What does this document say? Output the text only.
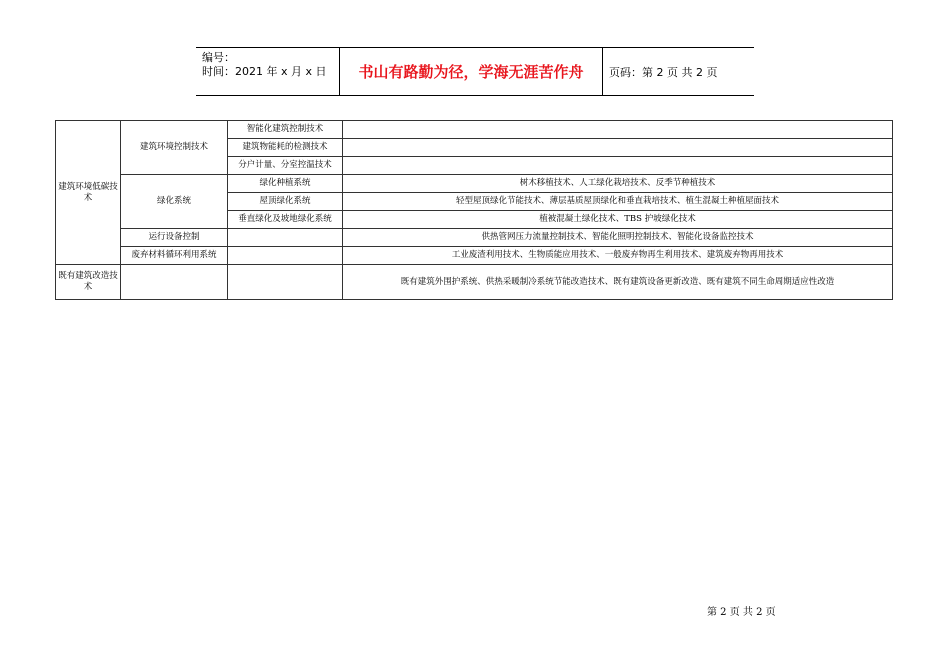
编号：
时间：2021 年 x 月 x 日	书山有路勤为径，学海无涯苦作舟	页码：第 2 页 共 2 页
建筑环境低碳技术	建筑环境控制技术	智能化建筑控制技术	
		建筑物能耗的检测技术	
		分户计量、分室控温技术	
	绿化系统	绿化种植系统	树木移植技术、人工绿化栽培技术、反季节种植技术
		屋顶绿化系统	轻型屋顶绿化节能技术、薄层基质屋顶绿化和垂直栽培技术、植生混凝土种植屋面技术
		垂直绿化及坡地绿化系统	植被混凝土绿化技术、TBS 护坡绿化技术
	运行设备控制		供热管网压力流量控制技术、智能化照明控制技术、智能化设备监控技术
	废弃材料循环利用系统		工业废渣利用技术、生物质能应用技术、一般废弃物再生利用技术、建筑废弃物再用技术
既有建筑改造技术			既有建筑外围护系统、供热采暖制冷系统节能改造技术、既有建筑设备更新改造、既有建筑不同生命周期适应性改造
第 2 页 共 2 页
